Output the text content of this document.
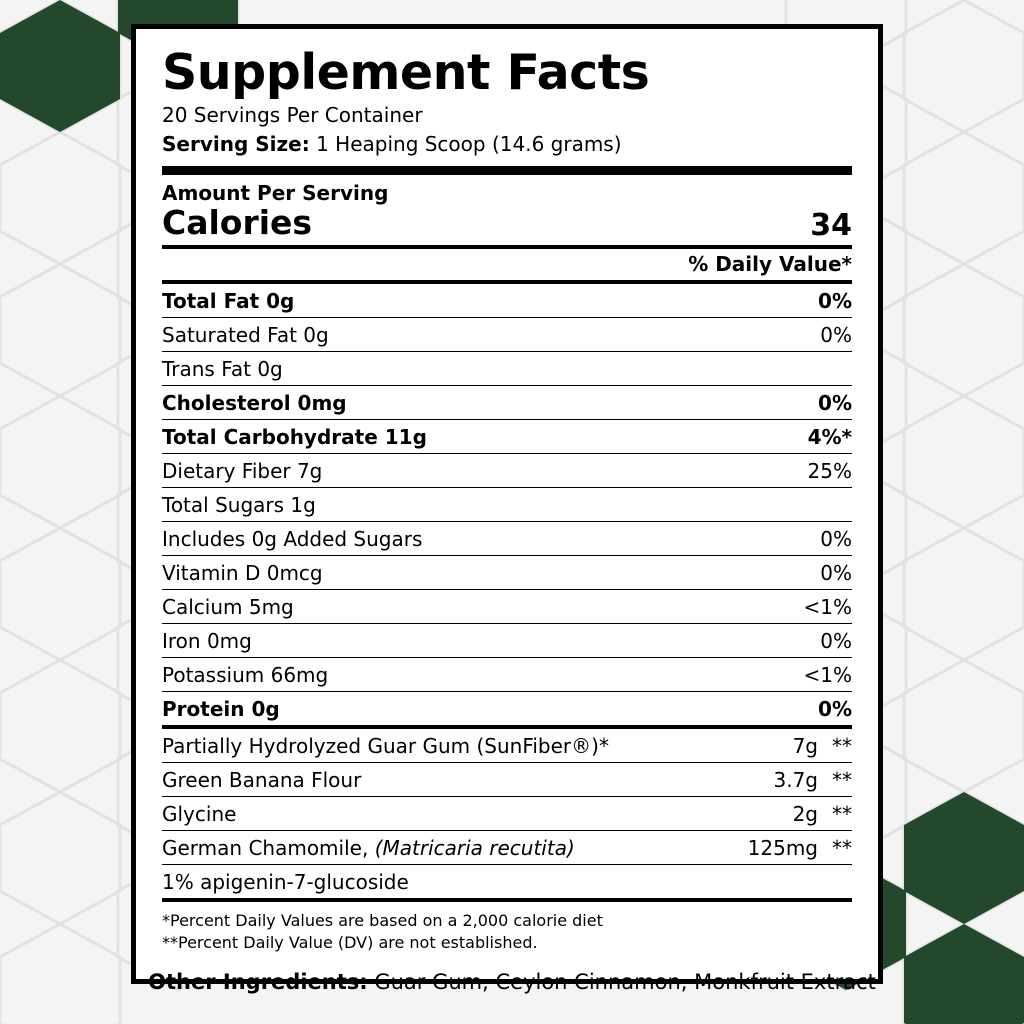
Supplement Facts
20 Servings Per Container
Serving Size: 1 Heaping Scoop (14.6 grams)
Amount Per Serving
Calories	34
% Daily Value*
Total Fat 0g	0%
Saturated Fat 0g	0%
Trans Fat 0g	
Cholesterol 0mg	0%
Total Carbohydrate 11g	4%*
Dietary Fiber 7g	25%
Total Sugars 1g	
Includes 0g Added Sugars	0%
Vitamin D 0mcg	0%
Calcium 5mg	<1%
Iron 0mg	0%
Potassium 66mg	<1%
Protein 0g	0%
Partially Hydrolyzed Guar Gum (SunFiber®)*	7g	**
Green Banana Flour	3.7g	**
Glycine	2g	**
German Chamomile, (Matricaria recutita)	125mg	**
1% apigenin-7-glucoside		
*Percent Daily Values are based on a 2,000 calorie diet
**Percent Daily Value (DV) are not established.
Other Ingredients: Guar Gum, Ceylon Cinnamon, Monkfruit Extract
